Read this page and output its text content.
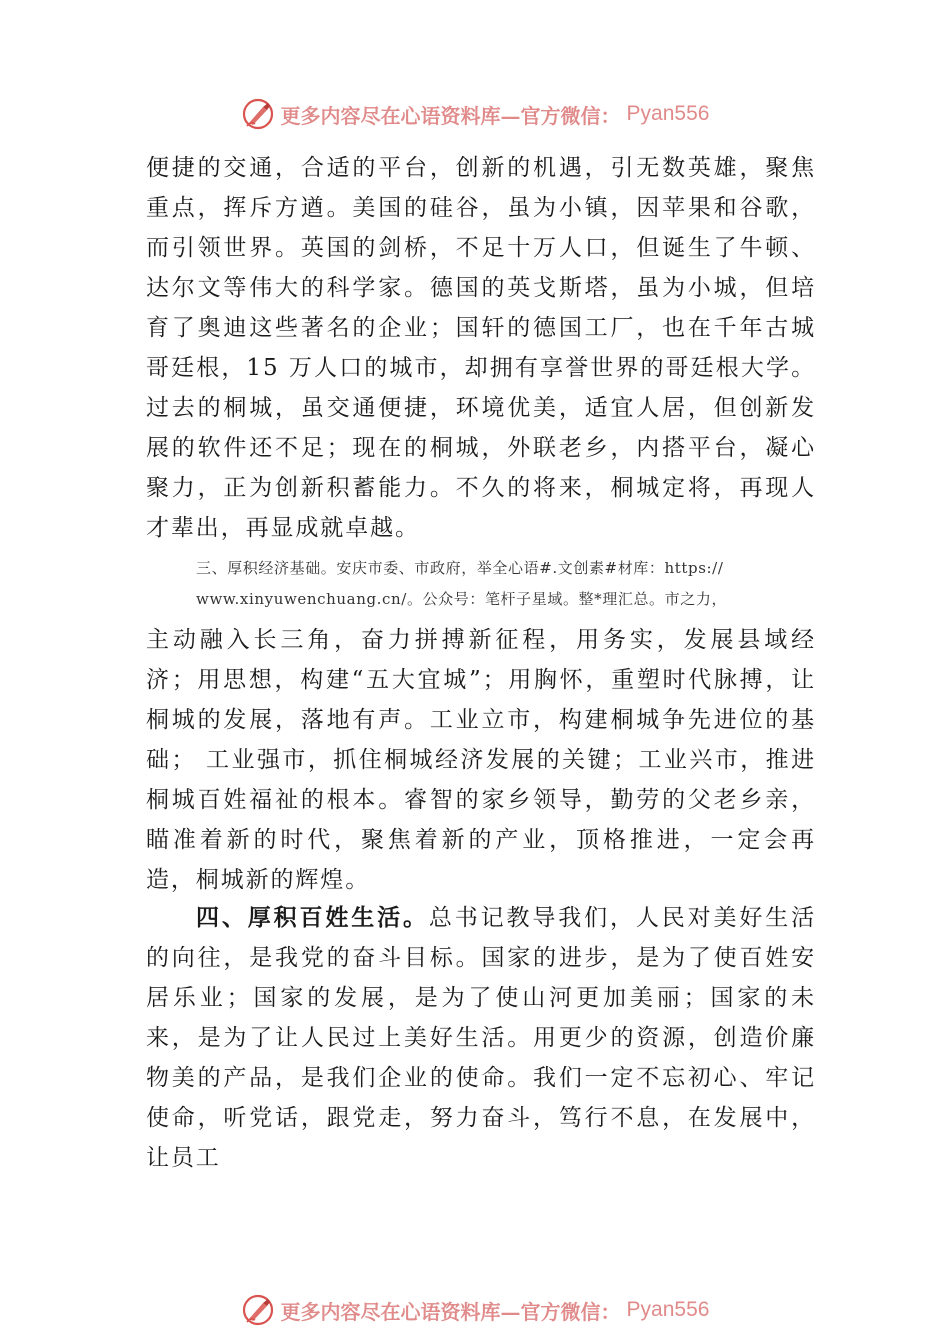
更多内容尽在心语资料库—官方微信： Pyan556

便捷的交通，合适的平台，创新的机遇，引无数英雄，聚焦重点，挥斥方遒。美国的硅谷，虽为小镇，因苹果和谷歌， 而引领世界。英国的剑桥，不足十万人口，但诞生了牛顿、 达尔文等伟大的科学家。德国的英戈斯塔，虽为小城，但培育了奥迪这些著名的企业；国轩的德国工厂，也在千年古城哥廷根，15 万人口的城市，却拥有享誉世界的哥廷根大学。过去的桐城，虽交通便捷，环境优美，适宜人居，但创新发展的软件还不足；现在的桐城，外联老乡，内搭平台，凝心聚力，正为创新积蓄能力。不久的将来，桐城定将，再现人才辈出，再显成就卓越。

三、厚积经济基础。安庆市委、市政府，举全心语#.文创素#材库：https://

www.xinyuwenchuang.cn/。公众号：笔杆子星域。整*理汇总。市之力，

主动融入长三角，奋力拼搏新征程，用务实，发展县域经济；用思想，构建“五大宜城”；用胸怀，重塑时代脉搏，让桐城的发展，落地有声。工业立市，构建桐城争先进位的基础； 工业强市，抓住桐城经济发展的关键；工业兴市，推进桐城百姓福祉的根本。睿智的家乡领导，勤劳的父老乡亲，瞄准着新的时代，聚焦着新的产业，顶格推进，一定会再造，桐城新的辉煌。

四、厚积百姓生活。总书记教导我们，人民对美好生活的向往，是我党的奋斗目标。国家的进步，是为了使百姓安居乐业；国家的发展，是为了使山河更加美丽；国家的未来，是为了让人民过上美好生活。用更少的资源，创造价廉物美的产品，是我们企业的使命。我们一定不忘初心、牢记使命，听党话，跟党走，努力奋斗，笃行不息，在发展中，让员工

更多内容尽在心语资料库—官方微信： Pyan556
